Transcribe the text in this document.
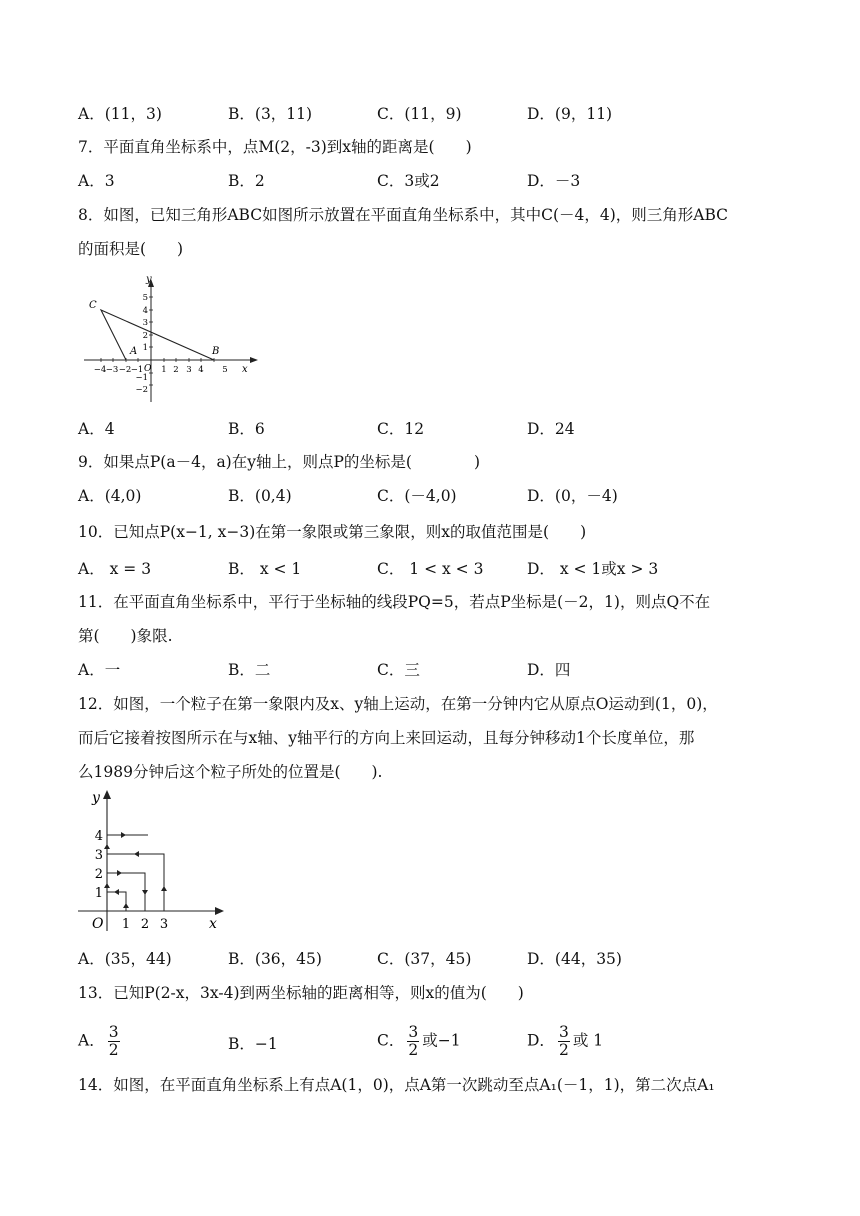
A．(11，3)	B．(3，11)	C．(11，9)	D．(9，11)
7．平面直角坐标系中，点M(2，-3)到x轴的距离是(　　)
A．3	B．2	C．3或2	D．－3
8．如图，已知三角形ABC如图所示放置在平面直角坐标系中，其中C(－4，4)，则三角形ABC
的面积是(　　)
y
x
O
C
A	B
−4 −3 −2 −1 1 2 3 4 5
5
4
3
2
1
−1
−2
A．4	B．6	C．12	D．24
9．如果点P(a－4，a)在y轴上，则点P的坐标是(　　　　)
A．(4,0)	B．(0,4)	C．(－4,0)	D．(0，－4)
10．已知点P(x−1, x−3)在第一象限或第三象限，则x的取值范围是(　　)
A． x = 3	B． x < 1	C． 1 < x < 3	D． x < 1或x > 3
11．在平面直角坐标系中，平行于坐标轴的线段PQ=5，若点P坐标是(－2，1)，则点Q不在
第(　　)象限.
A．一	B．二	C．三	D．四
12．如图，一个粒子在第一象限内及x、y轴上运动，在第一分钟内它从原点O运动到(1，0)，
而后它接着按图所示在与x轴、y轴平行的方向上来回运动，且每分钟移动1个长度单位，那
么1989分钟后这个粒子所处的位置是(　　).
y
x
O 1 2 3
1
2
3
4
A．(35，44)	B．(36，45)	C．(37，45)	D．(44，35)
13．已知P(2-x，3x-4)到两坐标轴的距离相等，则x的值为(　　)
A． $\frac{3}{2}$	B．−1	C． $\frac{3}{2}$ 或−1	D． $\frac{3}{2}$ 或 1
14．如图，在平面直角坐标系上有点A(1，0)，点A第一次跳动至点A₁(－1，1)，第二次点A₁
